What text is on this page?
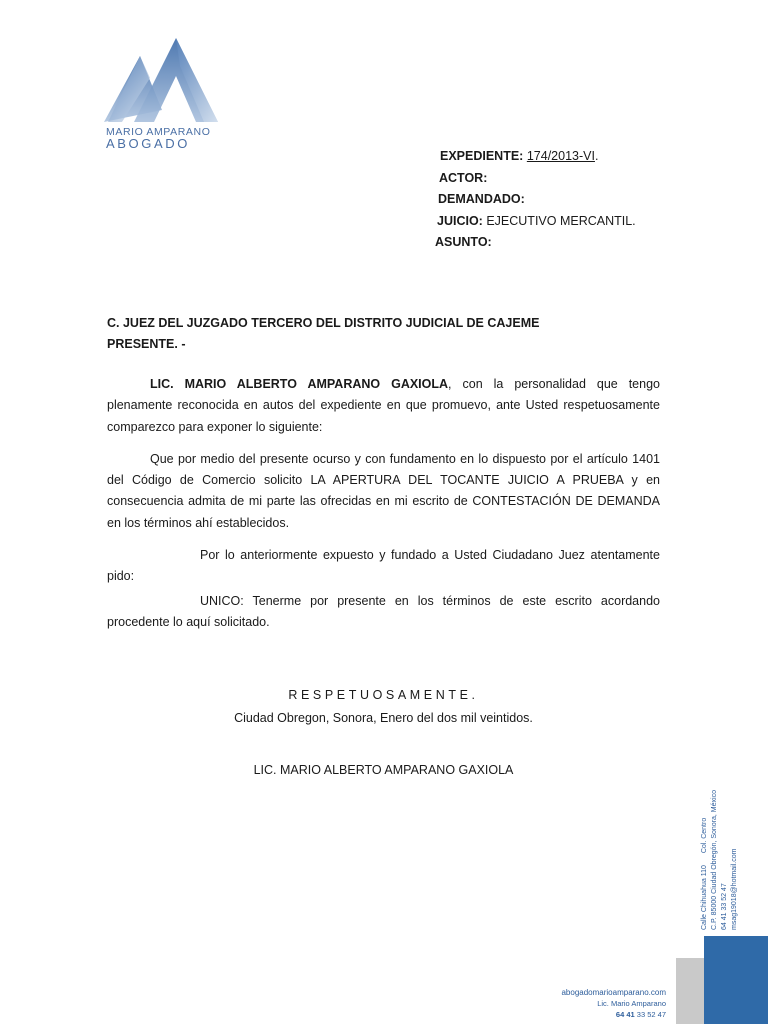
MARIO AMPARANO
ABOGADO
EXPEDIENTE: 174/2013-VI.
ACTOR:
DEMANDADO:
JUICIO: EJECUTIVO MERCANTIL.
ASUNTO:
C. JUEZ DEL JUZGADO TERCERO DEL DISTRITO JUDICIAL DE CAJEME
PRESENTE. -

LIC. MARIO ALBERTO AMPARANO GAXIOLA, con la personalidad que tengo plenamente reconocida en autos del expediente en que promuevo, ante Usted respetuosamente comparezco para exponer lo siguiente:

Que por medio del presente ocurso y con fundamento en lo dispuesto por el artículo 1401 del Código de Comercio solicito LA APERTURA DEL TOCANTE JUICIO A PRUEBA y en consecuencia admita de mi parte las ofrecidas en mi escrito de CONTESTACIÓN DE DEMANDA en los términos ahí establecidos.

Por lo anteriormente expuesto y fundado a Usted Ciudadano Juez atentamente pido:

UNICO: Tenerme por presente en los términos de este escrito acordando procedente lo aquí solicitado.

RESPETUOSAMENTE.
Ciudad Obregon, Sonora, Enero del dos mil veintidos.
LIC. MARIO ALBERTO AMPARANO GAXIOLA
Calle Chihuahua 110 Col. Centro C.P. 85000 Ciudad Obregón, Sonora, México 64 41 33 52 47 msag19018@hotmail.com
abogadomarioamparano.com
Lic. Mario Amparano
64 41 33 52 47
